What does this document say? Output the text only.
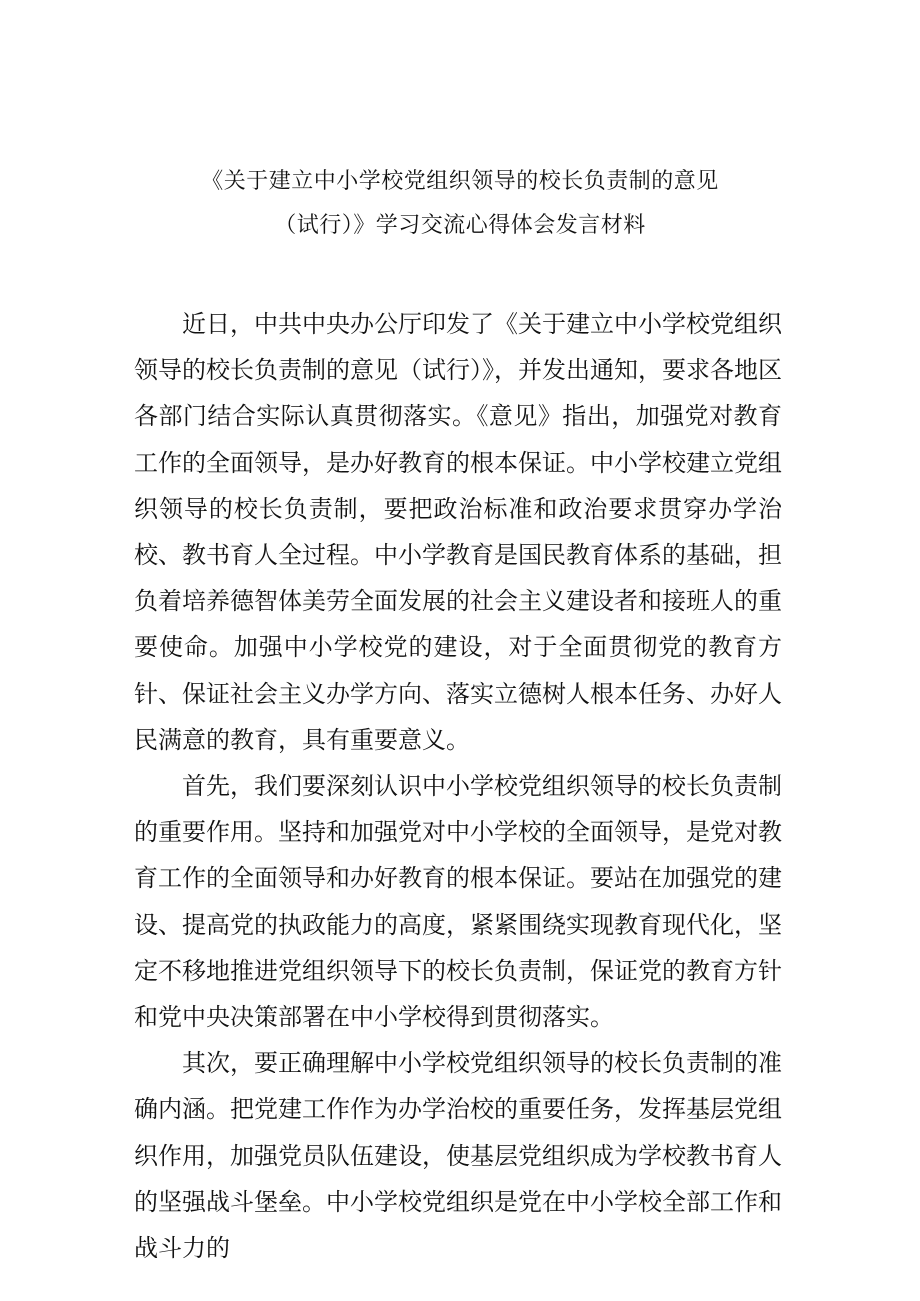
《关于建立中小学校党组织领导的校长负责制的意见
（试行）》学习交流心得体会发言材料

近日，中共中央办公厅印发了《关于建立中小学校党组织领导的校长负责制的意见（试行）》，并发出通知，要求各地区各部门结合实际认真贯彻落实。《意见》指出，加强党对教育工作的全面领导，是办好教育的根本保证。中小学校建立党组织领导的校长负责制，要把政治标准和政治要求贯穿办学治校、教书育人全过程。中小学教育是国民教育体系的基础，担负着培养德智体美劳全面发展的社会主义建设者和接班人的重要使命。加强中小学校党的建设，对于全面贯彻党的教育方针、保证社会主义办学方向、落实立德树人根本任务、办好人民满意的教育，具有重要意义。

首先，我们要深刻认识中小学校党组织领导的校长负责制的重要作用。坚持和加强党对中小学校的全面领导，是党对教育工作的全面领导和办好教育的根本保证。要站在加强党的建设、提高党的执政能力的高度，紧紧围绕实现教育现代化，坚定不移地推进党组织领导下的校长负责制，保证党的教育方针和党中央决策部署在中小学校得到贯彻落实。

其次，要正确理解中小学校党组织领导的校长负责制的准确内涵。把党建工作作为办学治校的重要任务，发挥基层党组织作用，加强党员队伍建设，使基层党组织成为学校教书育人的坚强战斗堡垒。中小学校党组织是党在中小学校全部工作和战斗力的
